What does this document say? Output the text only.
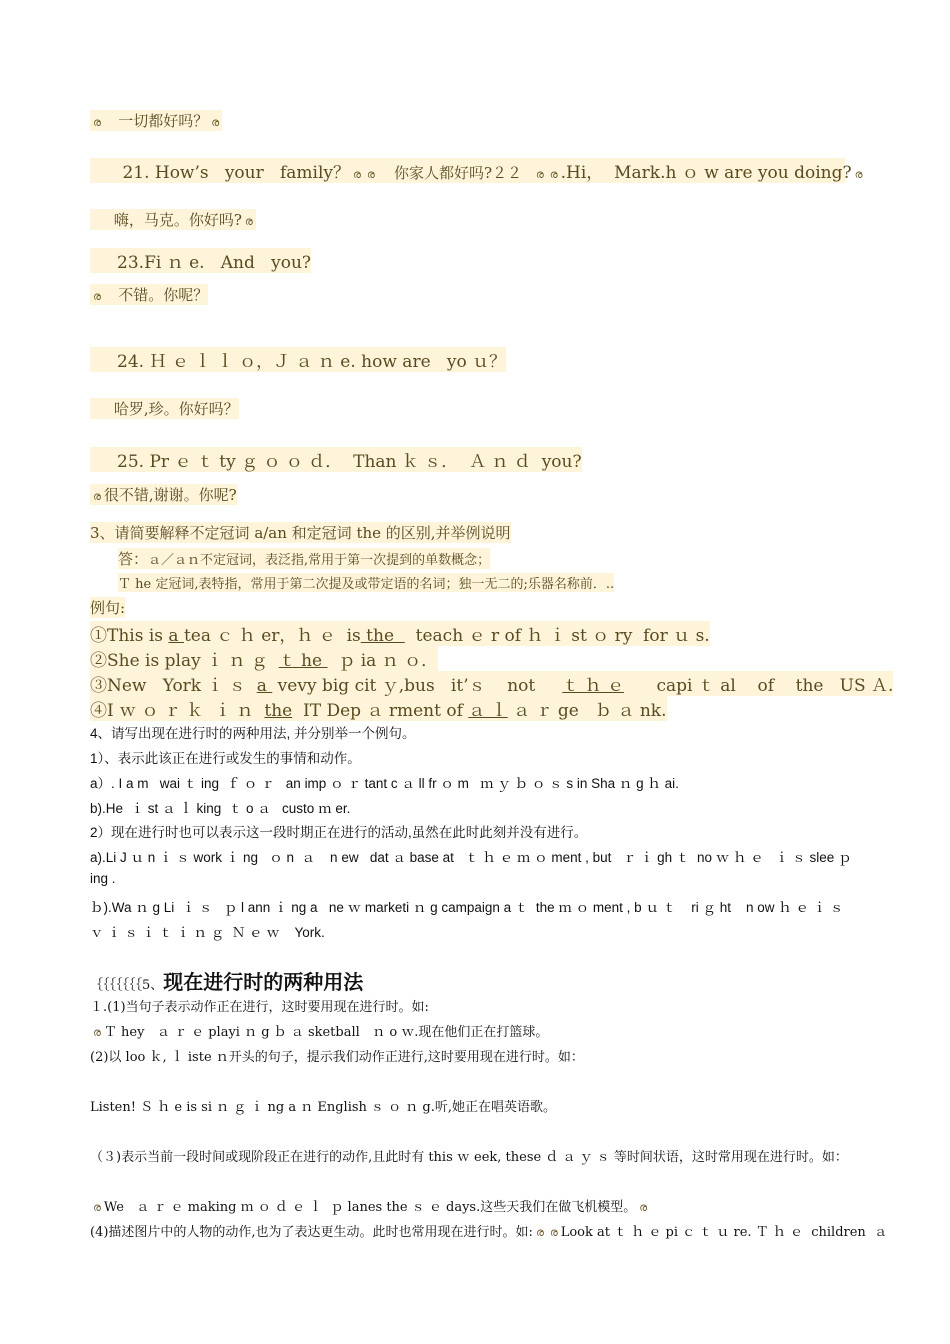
ര 一切都好吗？ ര
21. How’s   your   family？ ര ര 你家人都好吗?２２ ര ര .Hi，  Mark.h ｏ w are you doing? ര
嗨，马克。你好吗? ര
23.Fi ｎ e.   And   you?
ര 不错。你呢？
24. Ｈ ｅ ｌ ｌ ｏ，Ｊ ａ ｎ e. how are   yo ｕ？
哈罗,珍。你好吗？
25. Pr ｅ ｔ ty ｇ ｏ ｏ ｄ．  Than ｋ ｓ．  Ａ ｎ ｄ  you?
ര 很不错,谢谢。你呢?
3、请简要解释不定冠词 a/an 和定冠词 the 的区别,并举例说明
答：ａ／ａｎ不定冠词，表泛指,常用于第一次提到的单数概念；
Ｔ he 定冠词,表特指，常用于第二次提及或带定语的名词；独一无二的;乐器名称前．..
例句:
①This is a tea ｃ ｈ er，ｈ ｅ  is the    teach ｅ r of ｈ ｉ st ｏ ry  for ｕ s.
②She is play ｉ ｎ ｇ  ｔ he   ｐ ia ｎ ｏ．
③New   York ｉ ｓ  a  vevy big cit ｙ,bus   it’ｓ    not     ｔ ｈ ｅ      capi ｔ al    of    the   US Ａ.
④I ｗ ｏ ｒ ｋ  ｉ ｎ  the  IT Dep ａ rment of ａ ｌ ａ ｒ ge   ｂ ａ nk.
4、请写出现在进行时的两种用法, 并分别举一个例句。
1）、表示此该正在进行或发生的事情和动作。
a）. I a m   wai ｔ ing  ｆ ｏ ｒ   an imp ｏ ｒ tant c ａ ll fr ｏ m   ｍ ｙ ｂ ｏ ｓ s in Sha ｎ g ｈ ai.
b).He  ｉ st ａ ｌ king  ｔ o ａ   custo ｍ er.
2）现在进行时也可以表示这一段时期正在进行的活动,虽然在此时此刻并没有进行。
a).Li J ｕ n ｉ ｓ work ｉ ng   ｏ n  ａ    n ew   dat ａ base at   ｔ ｈ ｅ ｍ ｏ ment , but   ｒ ｉ gh ｔ  no ｗ ｈ ｅ   ｉ ｓ slee ｐ
ing .
ｂ).Wa ｎ g Li  ｉ ｓ   ｐ l ann ｉ ng a   ne ｗ marketi ｎ g campaign a ｔ  the ｍ ｏ ment , b ｕ ｔ    ri ｇ ht    n ow ｈ ｅ ｉ ｓ
ｖ ｉ ｓ ｉ ｔ ｉ ｎ ｇ  Ｎ ｅ ｗ    York.
｛｛｛｛｛｛｛5、现在进行时的两种用法
１.(1)当句子表示动作正在进行，这时要用现在进行时。如:
ര Ｔ hey   ａ ｒ ｅ playi ｎ g ｂ ａ sketball   ｎ o ｗ.现在他们正在打篮球。
(2)以 loo ｋ, ｌ iste ｎ开头的句子，提示我们动作正进行,这时要用现在进行时。如：
Listen! Ｓ ｈ e is si ｎ ｇ ｉ ng a ｎ English ｓ ｏ ｎ g.听,她正在唱英语歌。
（３)表示当前一段时间或现阶段正在进行的动作,且此时有 this ｗ eek, these ｄ ａ ｙ ｓ 等时间状语，这时常用现在进行时。如：
ര We   ａ ｒ ｅ making ｍ ｏ ｄ ｅ ｌ  ｐ lanes the ｓ ｅ days.这些天我们在做飞机模型。 ര
(4)描述图片中的人物的动作,也为了表达更生动。此时也常用现在进行时。如: ര ര Look at ｔ ｈ ｅ pi ｃ ｔ ｕ re. Ｔ ｈ ｅ  children  ａ
